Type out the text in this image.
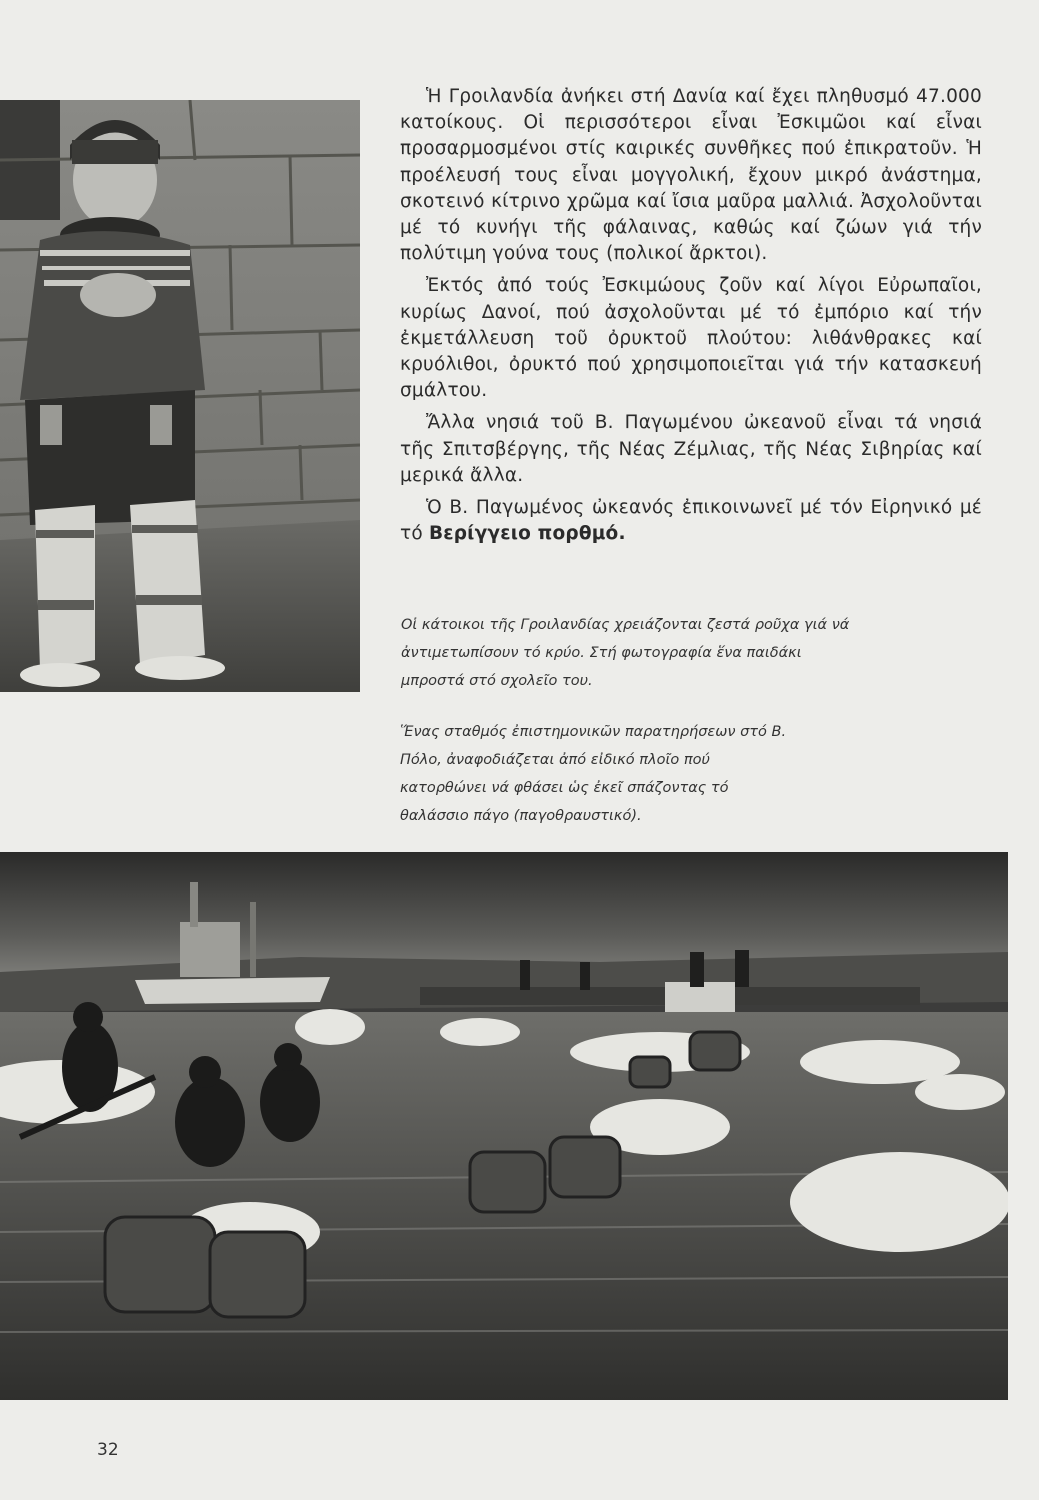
Ἡ Γροιλανδία ἀνήκει στή Δανία καί ἔχει πληθυσμό 47.000 κατοίκους. Οἱ περισσότεροι εἶναι Ἐσκιμῶοι καί εἶναι προσαρμοσμένοι στίς καιρικές συνθῆκες πού ἐπικρατοῦν. Ἡ προέλευσή τους εἶναι μογγολική, ἔχουν μικρό ἀνάστημα, σκοτεινό κίτρινο χρῶμα καί ἴσια μαῦρα μαλλιά. Ἀσχολοῦνται μέ τό κυνήγι τῆς φάλαινας, καθώς καί ζώων γιά τήν πολύτιμη γούνα τους (πολικοί ἄρκτοι).

Ἐκτός ἀπό τούς Ἐσκιμώους ζοῦν καί λίγοι Εὐρωπαῖοι, κυρίως Δανοί, πού ἀσχολοῦνται μέ τό ἐμπόριο καί τήν ἐκμετάλλευση τοῦ ὀρυκτοῦ πλούτου: λιθάνθρακες καί κρυόλιθοι, ὀρυκτό πού χρησιμοποιεῖται γιά τήν κατασκευή σμάλτου.

Ἄλλα νησιά τοῦ Β. Παγωμένου ὠκεανοῦ εἶναι τά νησιά τῆς Σπιτσβέργης, τῆς Νέας Ζέμλιας, τῆς Νέας Σιβηρίας καί μερικά ἄλλα.

Ὁ Β. Παγωμένος ὠκεανός ἐπικοινωνεῖ μέ τόν Εἰρηνικό μέ τό Βερίγγειο πορθμό.

Οἱ κάτοικοι τῆς Γροιλανδίας χρειάζονται ζεστά ροῦχα γιά νά ἀντιμετωπίσουν τό κρύο. Στή φωτογραφία ἕνα παιδάκι μπροστά στό σχολεῖο του.
Ἕνας σταθμός ἐπιστημονικῶν παρατηρήσεων στό Β. Πόλο, ἀναφοδιάζεται ἀπό εἰδικό πλοῖο πού κατορθώνει νά φθάσει ὡς ἐκεῖ σπάζοντας τό θαλάσσιο πάγο (παγοθραυστικό).
32
